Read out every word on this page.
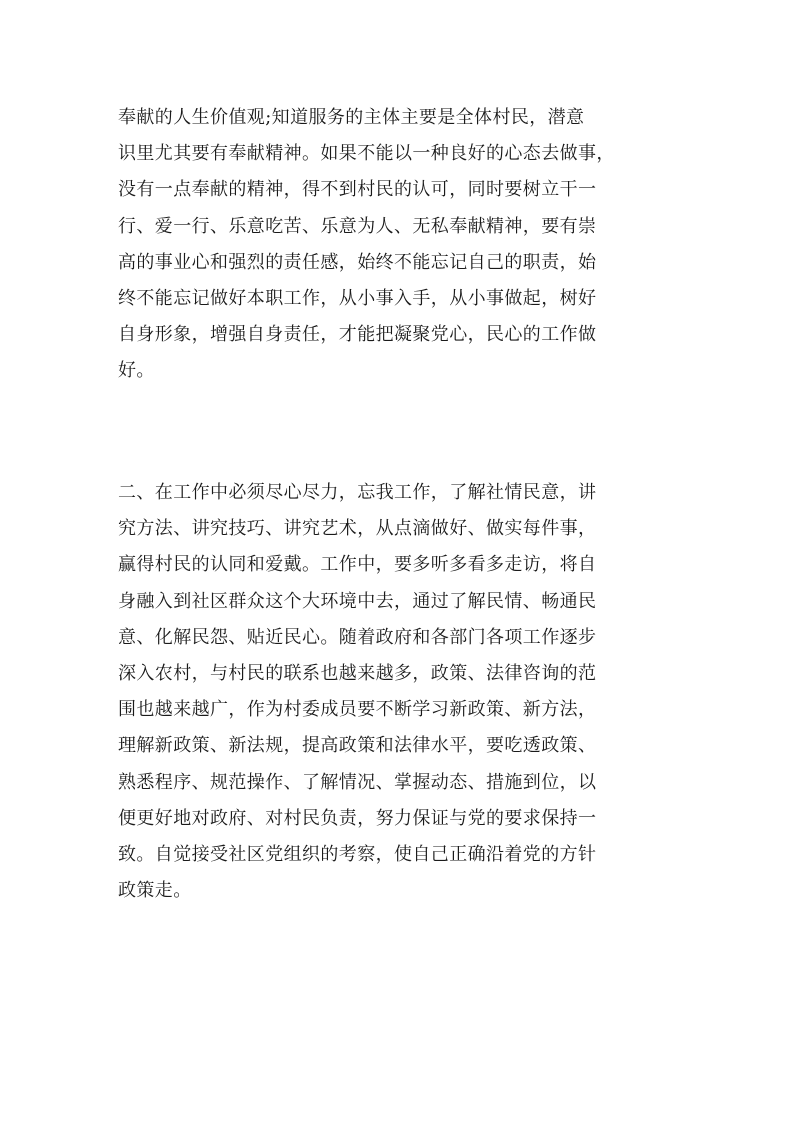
奉献的人生价值观;知道服务的主体主要是全体村民，潜意
识里尤其要有奉献精神。如果不能以一种良好的心态去做事，
没有一点奉献的精神，得不到村民的认可，同时要树立干一
行、爱一行、乐意吃苦、乐意为人、无私奉献精神，要有崇
高的事业心和强烈的责任感，始终不能忘记自己的职责，始
终不能忘记做好本职工作，从小事入手，从小事做起，树好
自身形象，增强自身责任，才能把凝聚党心，民心的工作做
好。
二、在工作中必须尽心尽力，忘我工作，了解社情民意，讲
究方法、讲究技巧、讲究艺术，从点滴做好、做实每件事，
赢得村民的认同和爱戴。工作中，要多听多看多走访，将自
身融入到社区群众这个大环境中去，通过了解民情、畅通民
意、化解民怨、贴近民心。随着政府和各部门各项工作逐步
深入农村，与村民的联系也越来越多，政策、法律咨询的范
围也越来越广，作为村委成员要不断学习新政策、新方法，
理解新政策、新法规，提高政策和法律水平，要吃透政策、
熟悉程序、规范操作、了解情况、掌握动态、措施到位，以
便更好地对政府、对村民负责，努力保证与党的要求保持一
致。自觉接受社区党组织的考察，使自己正确沿着党的方针
政策走。
